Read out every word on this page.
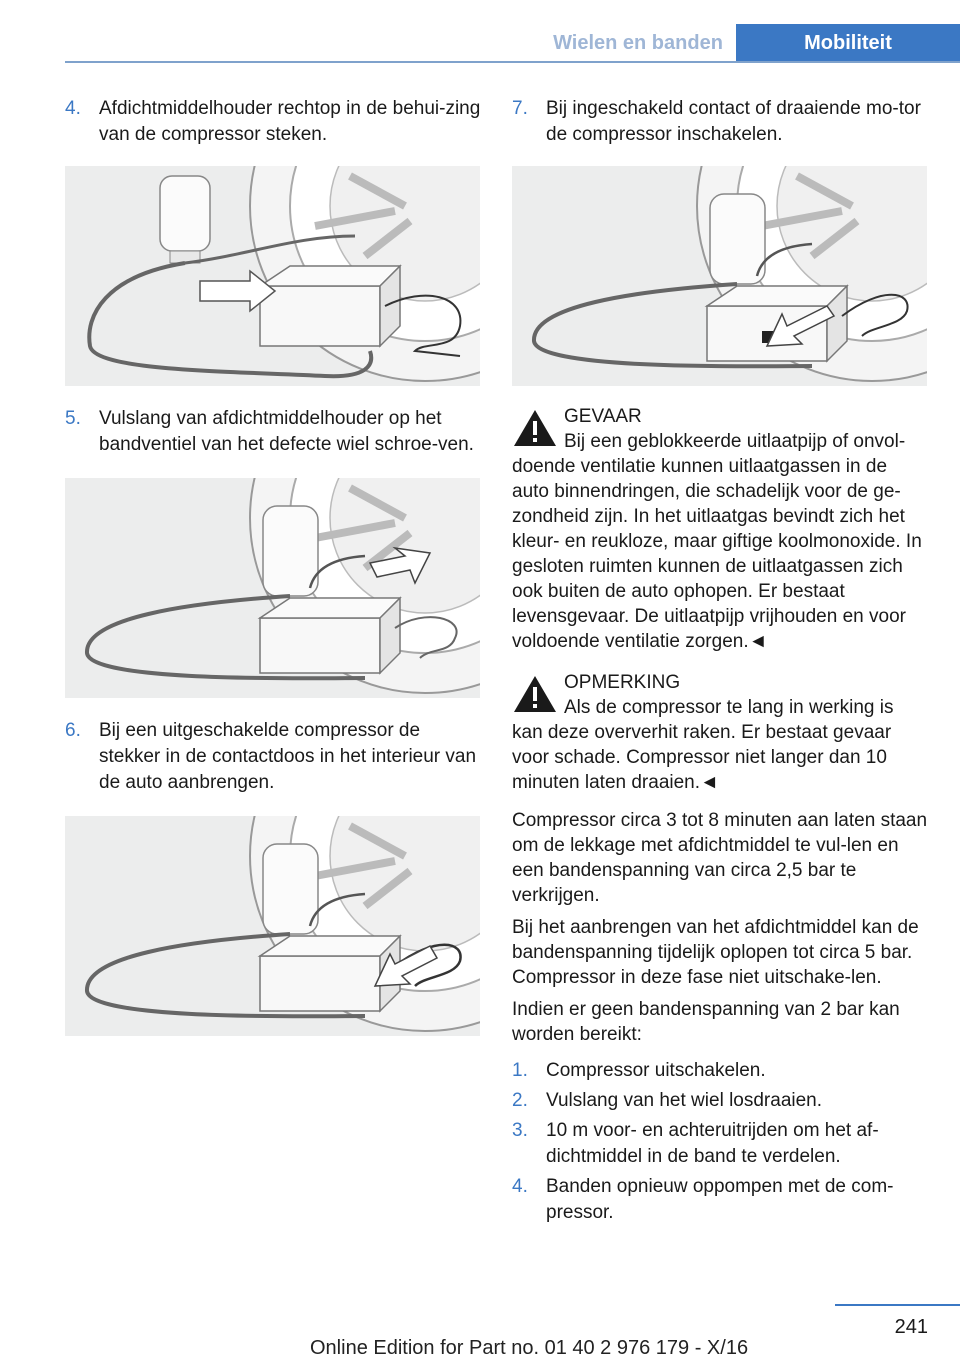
Wielen en banden	Mobiliteit
4. Afdichtmiddelhouder rechtop in de behui-zing van de compressor steken.
5. Vulslang van afdichtmiddelhouder op het bandventiel van het defecte wiel schroe-ven.
6. Bij een uitgeschakelde compressor de stekker in de contactdoos in het interieur van de auto aanbrengen.
7. Bij ingeschakeld contact of draaiende mo-tor de compressor inschakelen.
GEVAAR
Bij een geblokkeerde uitlaatpijp of onvol-
doende ventilatie kunnen uitlaatgassen in de auto binnendringen, die schadelijk voor de ge-zondheid zijn. In het uitlaatgas bevindt zich het kleur- en reukloze, maar giftige koolmonoxide. In gesloten ruimten kunnen de uitlaatgassen zich ook buiten de auto ophopen. Er bestaat levensgevaar. De uitlaatpijp vrijhouden en voor voldoende ventilatie zorgen.◄
OPMERKING
Als de compressor te lang in werking is
kan deze oververhit raken. Er bestaat gevaar voor schade. Compressor niet langer dan 10 minuten laten draaien.◄

Compressor circa 3 tot 8 minuten aan laten staan om de lekkage met afdichtmiddel te vul-len en een bandenspanning van circa 2,5 bar te verkrijgen.

Bij het aanbrengen van het afdichtmiddel kan de bandenspanning tijdelijk oplopen tot circa 5 bar. Compressor in deze fase niet uitschake-len.

Indien er geen bandenspanning van 2 bar kan worden bereikt:

1. Compressor uitschakelen.
2. Vulslang van het wiel losdraaien.
3. 10 m voor- en achteruitrijden om het af-dichtmiddel in de band te verdelen.
4. Banden opnieuw oppompen met de com-pressor.
241
Online Edition for Part no. 01 40 2 976 179 - X/16
